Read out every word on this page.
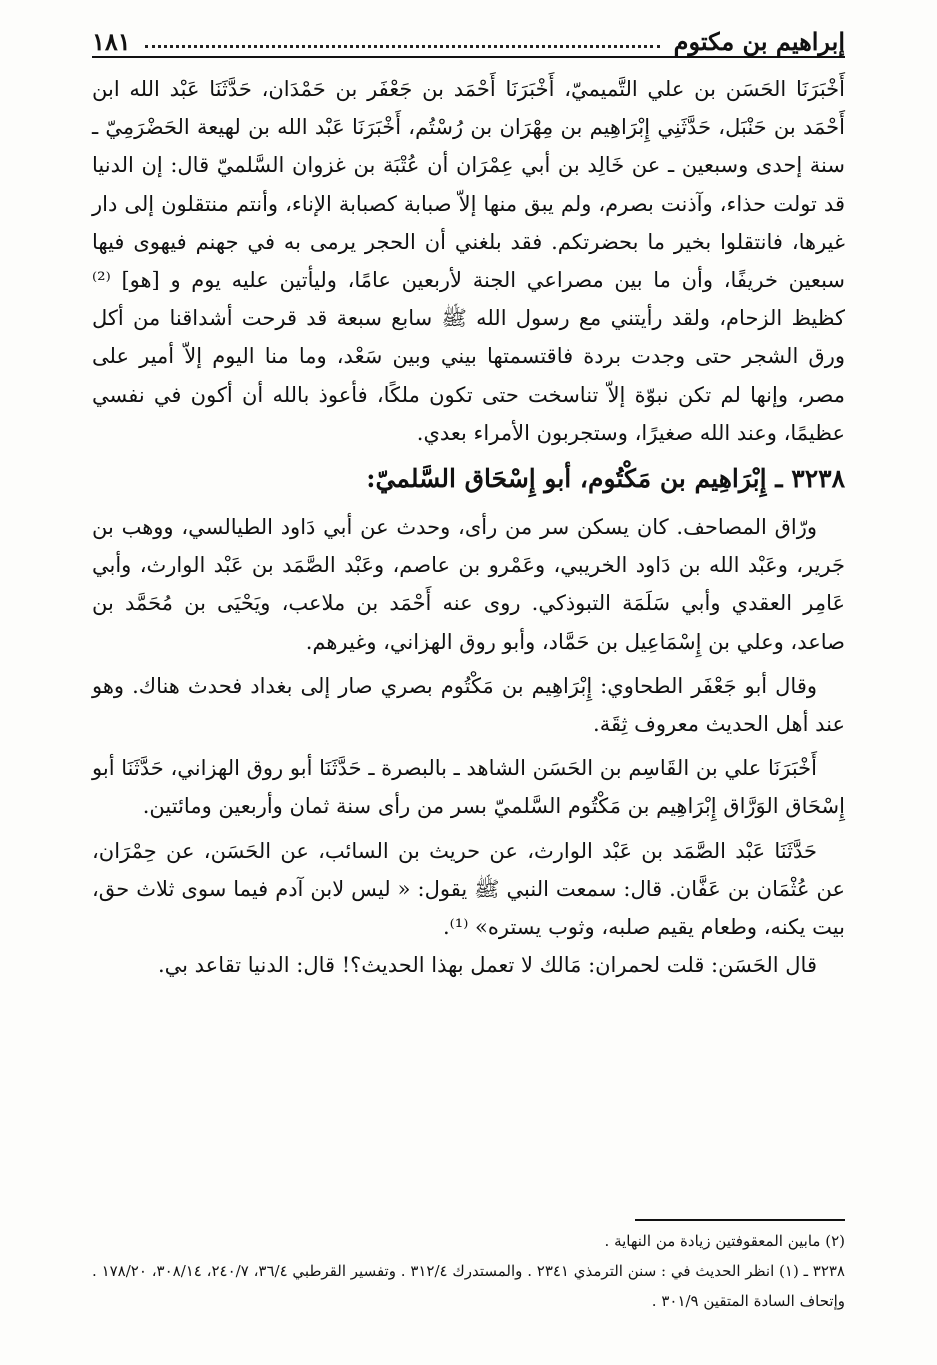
إبراهيم بن مكتوم
١٨١

أَخْبَرَنَا الحَسَن بن علي التَّميميّ، أَخْبَرَنَا أَحْمَد بن جَعْفَر بن حَمْدَان، حَدَّثَنَا عَبْد الله ابن أَحْمَد بن حَنْبَل، حَدَّثَنِي إِبْرَاهِيم بن مِهْرَان بن رُسْتُم، أَخْبَرَنَا عَبْد الله بن لهيعة الحَضْرَمِيّ ـ سنة إحدى وسبعين ـ عن خَالِد بن أبي عِمْرَان أن عُتْبَة بن غزوان السَّلميّ قال: إن الدنيا قد تولت حذاء، وآذنت بصرم، ولم يبق منها إلاّ صبابة كصبابة الإناء، وأنتم منتقلون إلى دار غيرها، فانتقلوا بخير ما بحضرتكم. فقد بلغني أن الحجر يرمى به في جهنم فيهوى فيها سبعين خريفًا، وأن ما بين مصراعي الجنة لأربعين عامًا، وليأتين عليه يوم و [هو] ⁽²⁾ كظيظ الزحام، ولقد رأيتني مع رسول الله ﷺ سابع سبعة قد قرحت أشداقنا من أكل ورق الشجر حتى وجدت بردة فاقتسمتها بيني وبين سَعْد، وما منا اليوم إلاّ أمير على مصر، وإنها لم تكن نبوّة إلاّ تناسخت حتى تكون ملكًا، فأعوذ بالله أن أكون في نفسي عظيمًا، وعند الله صغيرًا، وستجربون الأمراء بعدي.

٣٢٣٨ ـ إِبْرَاهِيم بن مَكْتُوم، أبو إِسْحَاق السَّلميّ:

ورّاق المصاحف. كان يسكن سر من رأى، وحدث عن أبي دَاود الطيالسي، ووهب بن جَرير، وعَبْد الله بن دَاود الخريبي، وعَمْرو بن عاصم، وعَبْد الصَّمَد بن عَبْد الوارث، وأبي عَامِر العقدي وأبي سَلَمَة التبوذكي. روى عنه أَحْمَد بن ملاعب، ويَحْيَى بن مُحَمَّد بن صاعد، وعلي بن إِسْمَاعِيل بن حَمَّاد، وأبو روق الهزاني، وغيرهم.

وقال أبو جَعْفَر الطحاوي: إِبْرَاهِيم بن مَكْتُوم بصري صار إلى بغداد فحدث هناك. وهو عند أهل الحديث معروف ثِقَة.

أَخْبَرَنَا علي بن القَاسِم بن الحَسَن الشاهد ـ بالبصرة ـ حَدَّثَنَا أبو روق الهزاني، حَدَّثَنَا أبو إِسْحَاق الوَرَّاق إِبْرَاهِيم بن مَكْتُوم السَّلميّ بسر من رأى سنة ثمان وأربعين ومائتين.

حَدَّثَنَا عَبْد الصَّمَد بن عَبْد الوارث، عن حريث بن السائب، عن الحَسَن، عن حِمْرَان، عن عُثْمَان بن عَفَّان. قال: سمعت النبي ﷺ يقول: « ليس لابن آدم فيما سوى ثلاث حق، بيت يكنه، وطعام يقيم صلبه، وثوب يستره» ⁽¹⁾.

قال الحَسَن: قلت لحمران: مَالك لا تعمل بهذا الحديث؟! قال: الدنيا تقاعد بي.

(٢) مابين المعقوفتين زيادة من النهاية .

٣٢٣٨ ـ (١) انظر الحديث في : سنن الترمذي ٢٣٤١ . والمستدرك ٣١٢/٤ . وتفسير القرطبي ٣٦/٤، ٢٤٠/٧، ٣٠٨/١٤، ١٧٨/٢٠ . وإتحاف السادة المتقين ٣٠١/٩ .
